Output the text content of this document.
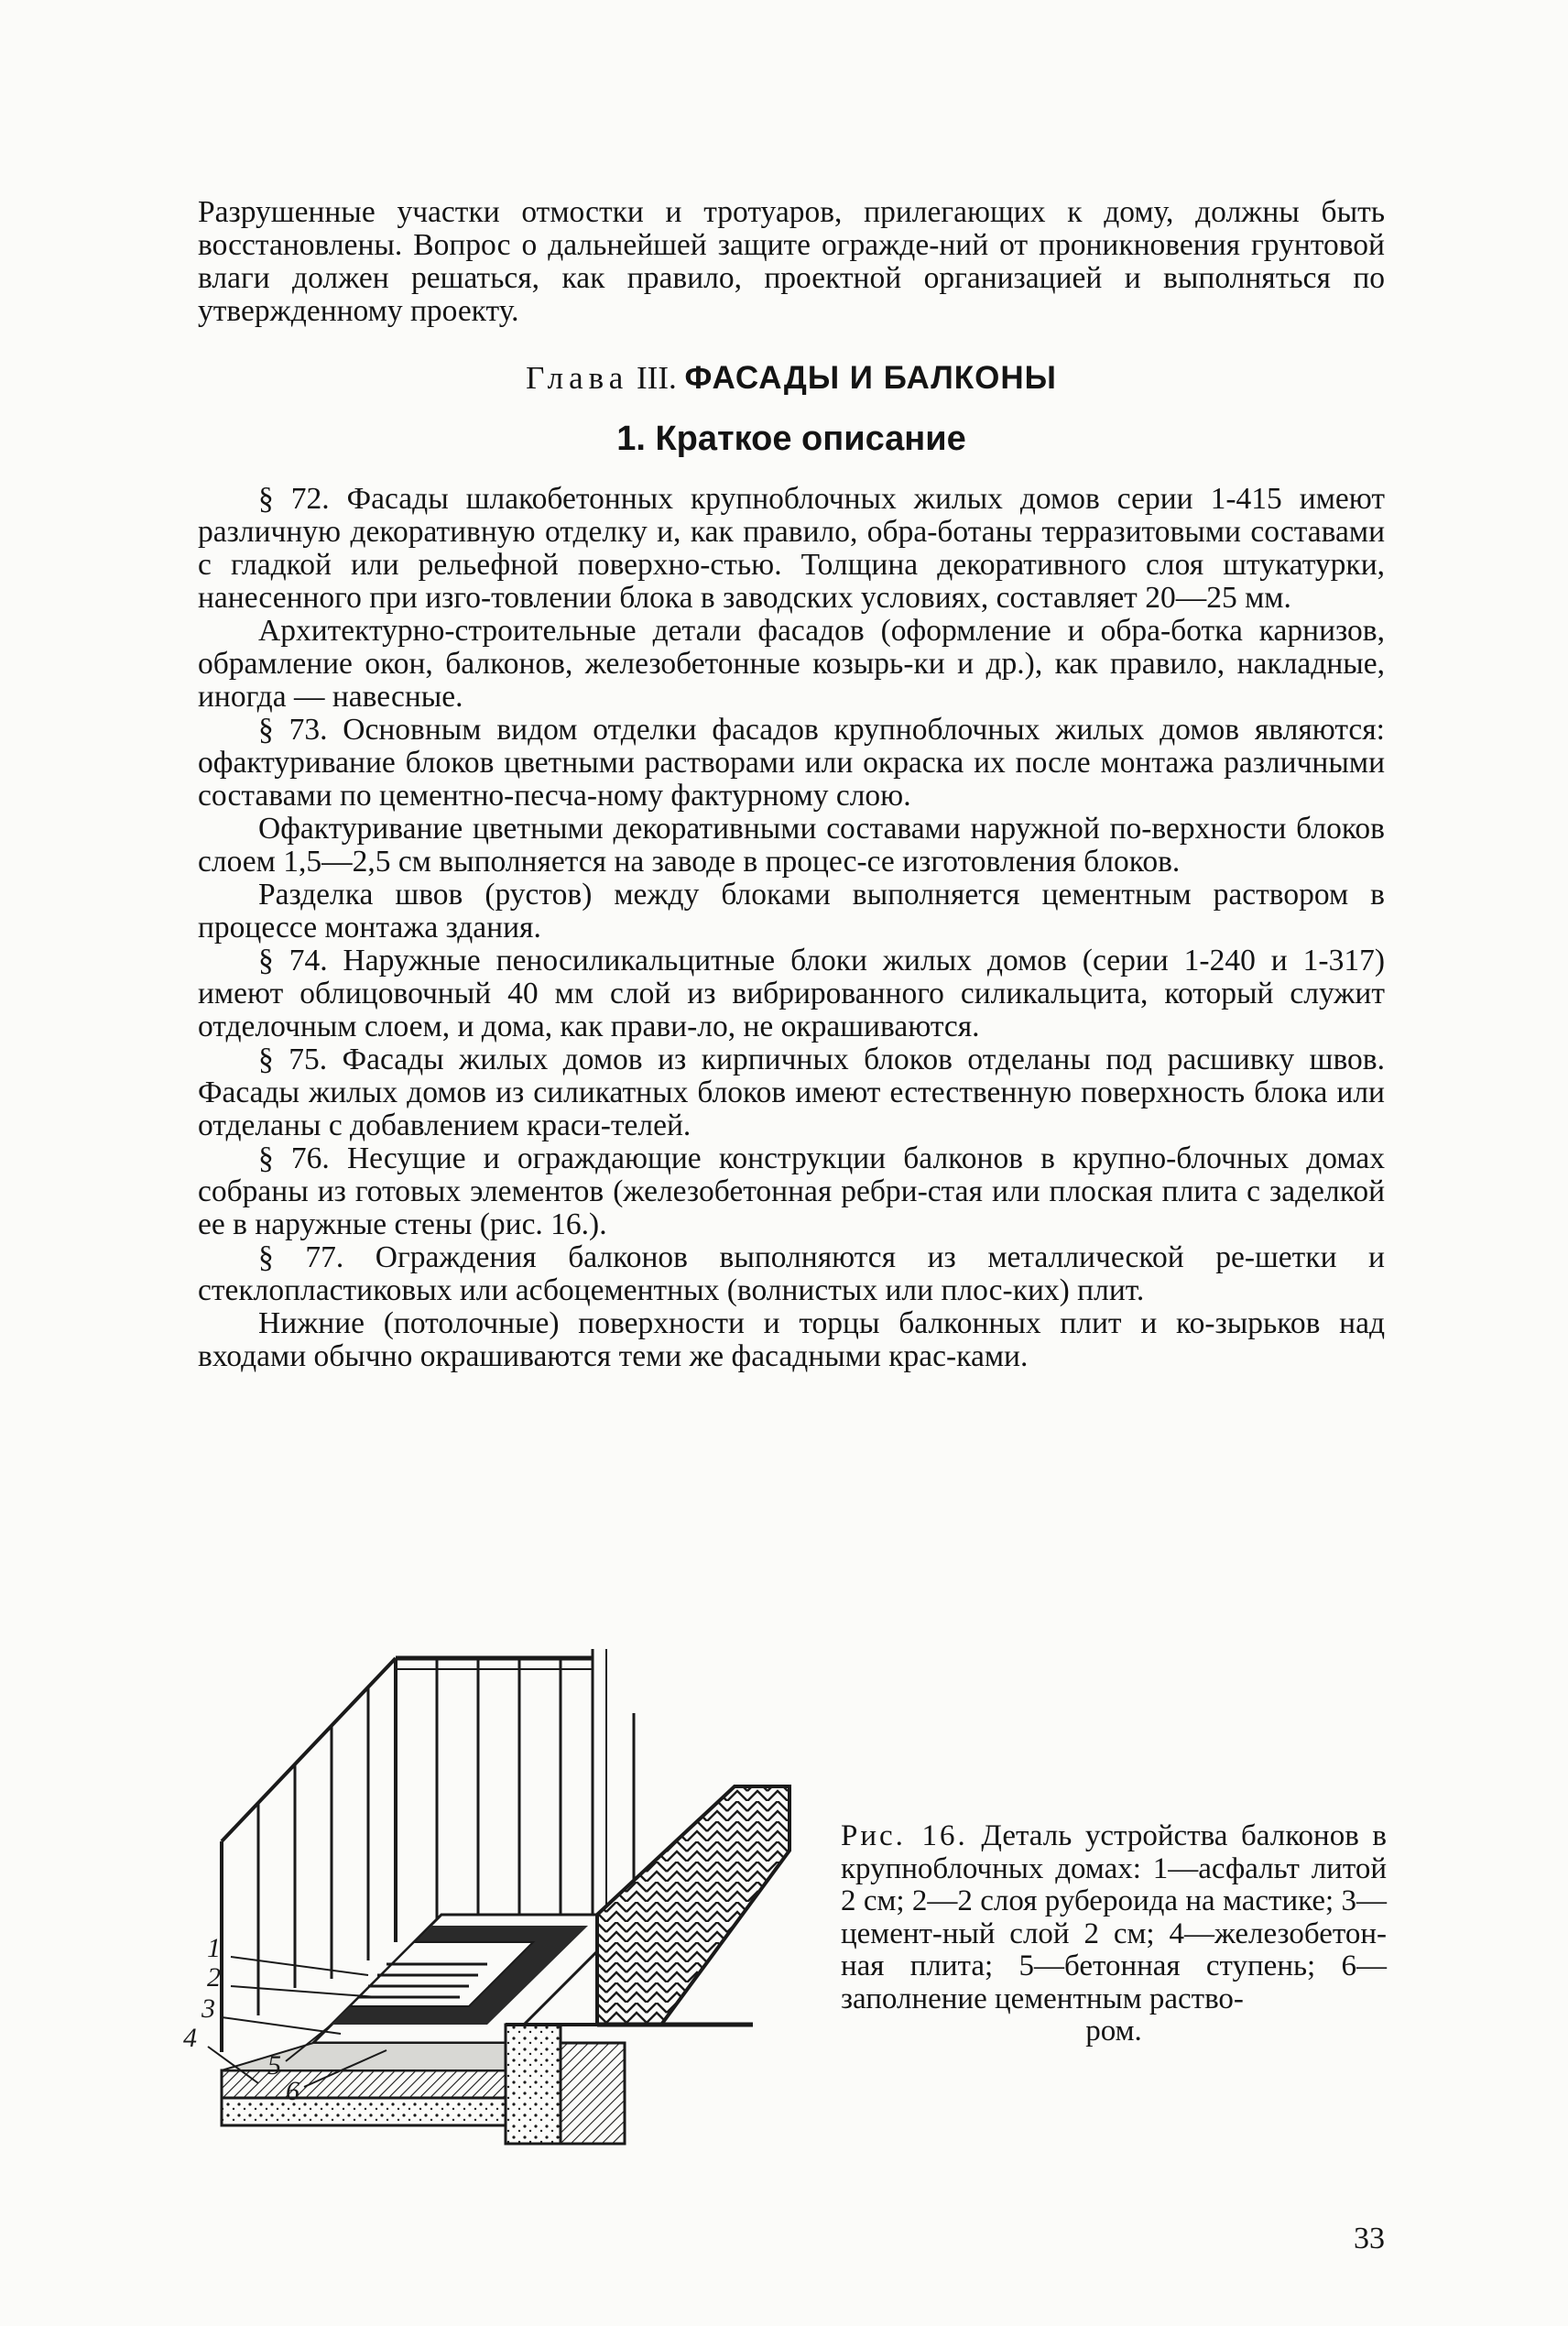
Разрушенные участки отмостки и тротуаров, прилегающих к дому, должны быть восстановлены. Вопрос о дальнейшей защите огражде-ний от проникновения грунтовой влаги должен решаться, как правило, проектной организацией и выполняться по утвержденному проекту.

Глава III. ФАСАДЫ И БАЛКОНЫ
1. Краткое описание

§ 72. Фасады шлакобетонных крупноблочных жилых домов серии 1-415 имеют различную декоративную отделку и, как правило, обра-ботаны терразитовыми составами с гладкой или рельефной поверхно-стью. Толщина декоративного слоя штукатурки, нанесенного при изго-товлении блока в заводских условиях, составляет 20—25 мм.

Архитектурно-строительные детали фасадов (оформление и обра-ботка карнизов, обрамление окон, балконов, железобетонные козырь-ки и др.), как правило, накладные, иногда — навесные.

§ 73. Основным видом отделки фасадов крупноблочных жилых домов являются: офактуривание блоков цветными растворами или окраска их после монтажа различными составами по цементно-песча-ному фактурному слою.

Офактуривание цветными декоративными составами наружной по-верхности блоков слоем 1,5—2,5 см выполняется на заводе в процес-се изготовления блоков.

Разделка швов (рустов) между блоками выполняется цементным раствором в процессе монтажа здания.

§ 74. Наружные пеносиликальцитные блоки жилых домов (серии 1-240 и 1-317) имеют облицовочный 40 мм слой из вибрированного силикальцита, который служит отделочным слоем, и дома, как прави-ло, не окрашиваются.

§ 75. Фасады жилых домов из кирпичных блоков отделаны под расшивку швов. Фасады жилых домов из силикатных блоков имеют естественную поверхность блока или отделаны с добавлением краси-телей.

§ 76. Несущие и ограждающие конструкции балконов в крупно-блочных домах собраны из готовых элементов (железобетонная ребри-стая или плоская плита с заделкой ее в наружные стены (рис. 16.).

§ 77. Ограждения балконов выполняются из металлической ре-шетки и стеклопластиковых или асбоцементных (волнистых или плос-ких) плит.

Нижние (потолочные) поверхности и торцы балконных плит и ко-зырьков над входами обычно окрашиваются теми же фасадными крас-ками.

1
2
3
4
5
6
i=3%
Рис. 16. Деталь устройства балконов в крупноблочных домах: 1—асфальт литой 2 см; 2—2 слоя рубероида на мастике; 3—цемент-ный слой 2 см; 4—железобетон-ная плита; 5—бетонная ступень; 6—заполнение цементным раство-
ром.
33
